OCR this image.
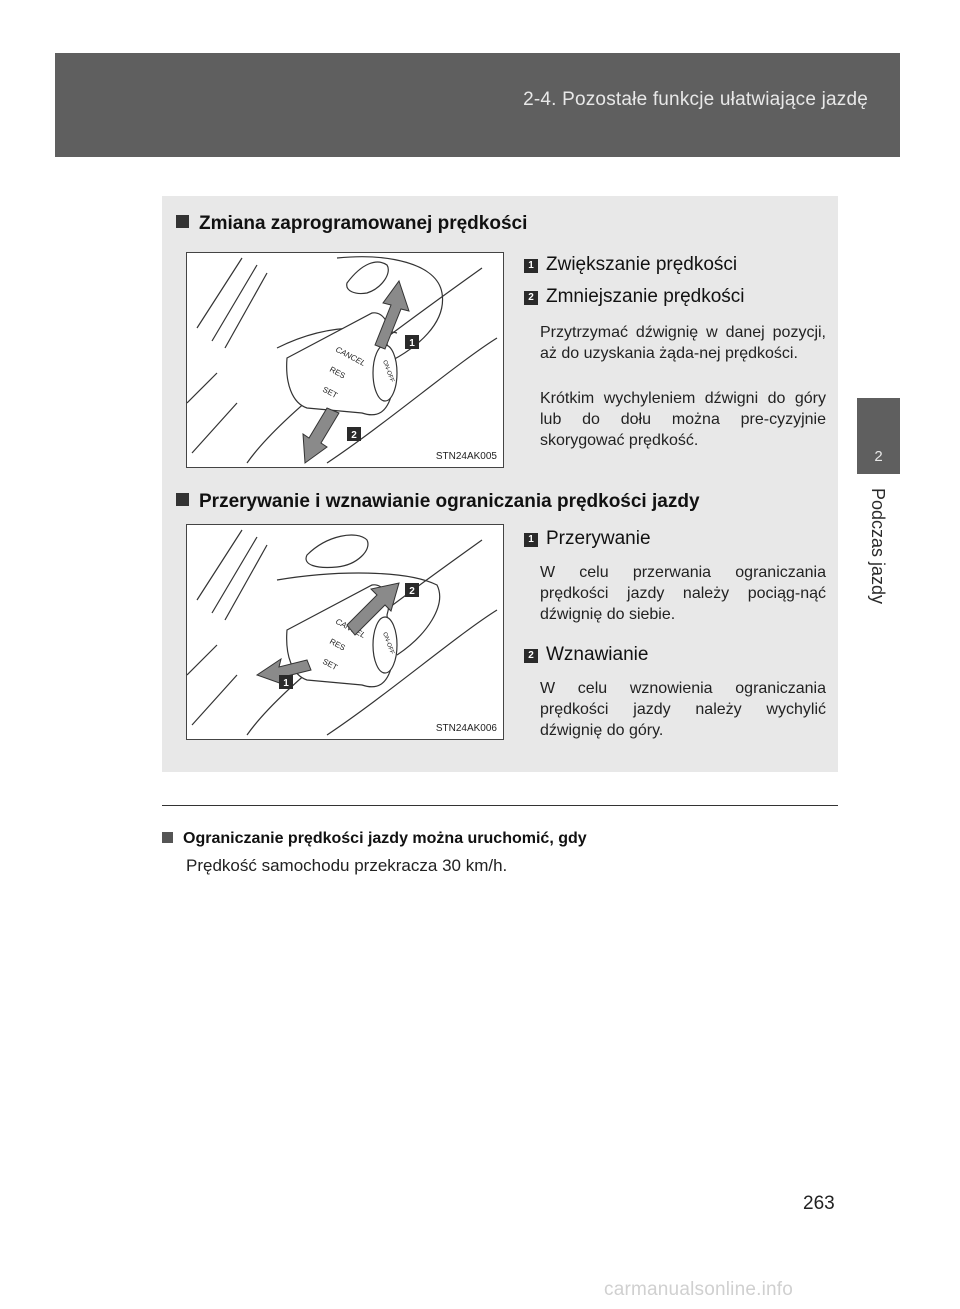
2-4. Pozostałe funkcje ułatwiające jazdę
2
Podczas jazdy
Zmiana zaprogramowanej prędkości
CANCEL
RES
SET
ON-OFF
1
2
STN24AK005
1 Zwiększanie prędkości
2 Zmniejszanie prędkości
Przytrzymać dźwignię w danej pozycji, aż do uzyskania żąda-nej prędkości.
Krótkim wychyleniem dźwigni do góry lub do dołu można pre-cyzyjnie skorygować prędkość.
Przerywanie i wznawianie ograniczania prędkości jazdy
RES
SET
ON-OFF
2
1
STN24AK006
1 Przerywanie
W celu przerwania ograniczania prędkości jazdy należy pociąg-nąć dźwignię do siebie.
2 Wznawianie
W celu wznowienia ograniczania prędkości jazdy należy wychylić dźwignię do góry.
Ograniczanie prędkości jazdy można uruchomić, gdy
Prędkość samochodu przekracza 30 km/h.
263
carmanualsonline.info
